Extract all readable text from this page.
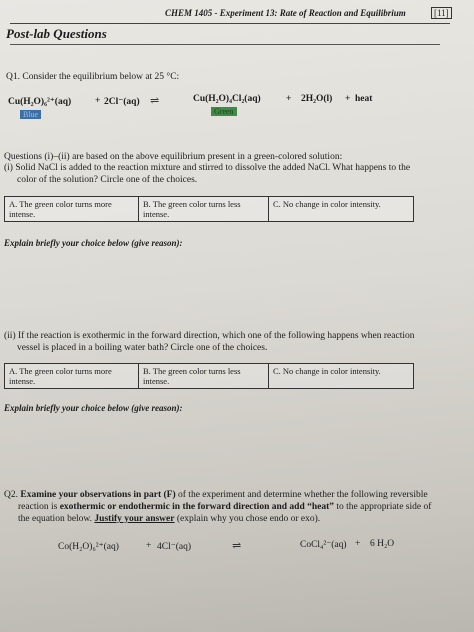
CHEM 1405 - Experiment 13: Rate of Reaction and Equilibrium	[11]
Post-lab Questions
Q1. Consider the equilibrium below at 25 °C:
Cu(H₂O)₆²⁺(aq)	+ 2Cl⁻(aq) ⇌	Cu(H₂O)₄Cl₂(aq)	+ 2H₂O(l) + heat
Blue	Green
Questions (i)–(ii) are based on the above equilibrium present in a green-colored solution:
(i) Solid NaCl is added to the reaction mixture and stirred to dissolve the added NaCl. What happens to the
color of the solution? Circle one of the choices.
A. The green color turns more intense.
B. The green color turns less intense.
C. No change in color intensity.
Explain briefly your choice below (give reason):
(ii) If the reaction is exothermic in the forward direction, which one of the following happens when reaction
vessel is placed in a boiling water bath? Circle one of the choices.
A. The green color turns more intense.
B. The green color turns less intense.
C. No change in color intensity.
Explain briefly your choice below (give reason):
Q2. Examine your observations in part (F) of the experiment and determine whether the following reversible
reaction is exothermic or endothermic in the forward direction and add “heat” to the appropriate side of
the equation below. Justify your answer (explain why you chose endo or exo).
Co(H₂O)₆²⁺(aq)	+ 4Cl⁻(aq)	⇌	CoCl₄²⁻(aq) + 6 H₂O
